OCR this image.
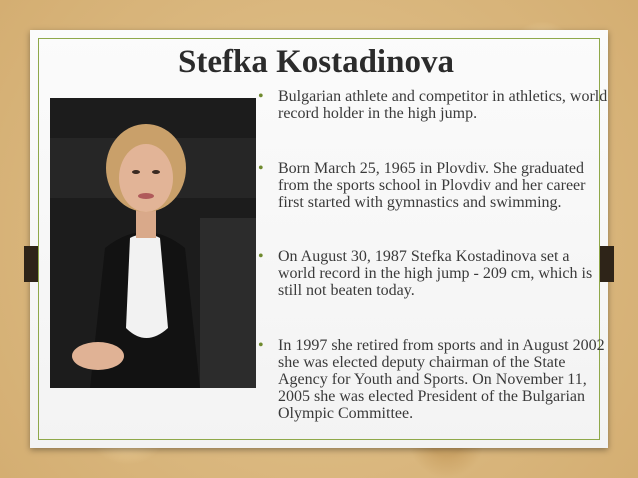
Stefka Kostadinova
• Bulgarian athlete and competitor in athletics, world record holder in the high jump.
• Born March 25, 1965 in Plovdiv. She graduated from the sports school in Plovdiv and her career first started with gymnastics and swimming.
• On August 30, 1987 Stefka Kostadinova set a world record in the high jump - 209 cm, which is still not beaten today.
• In 1997 she retired from sports and in August 2002 she was elected deputy chairman of the State Agency for Youth and Sports. On November 11, 2005 she was elected President of the Bulgarian Olympic Committee.
